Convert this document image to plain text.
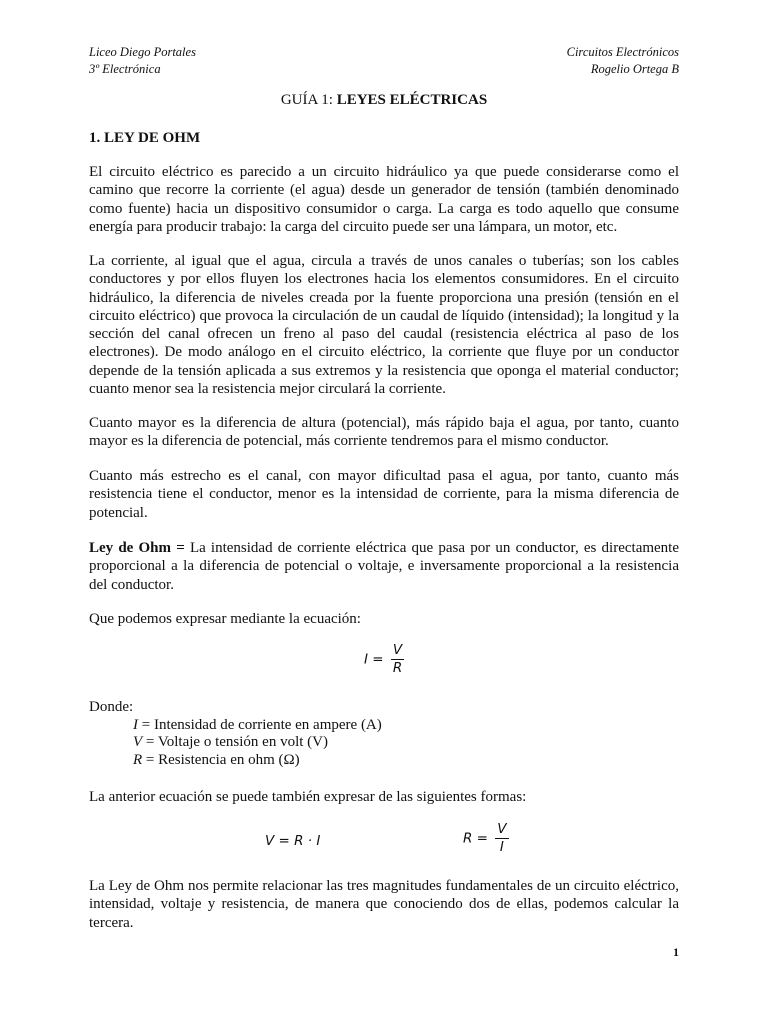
Liceo Diego Portales
3º Electrónica
Circuitos Electrónicos
Rogelio Ortega B
GUÍA 1: LEYES ELÉCTRICAS
1. LEY DE OHM

El circuito eléctrico es parecido a un circuito hidráulico ya que puede considerarse como el camino que recorre la corriente (el agua) desde un generador de tensión (también denominado como fuente) hacia un dispositivo consumidor o carga. La carga es todo aquello que consume energía para producir trabajo: la carga del circuito puede ser una lámpara, un motor, etc.

La corriente, al igual que el agua, circula a través de unos canales o tuberías; son los cables conductores y por ellos fluyen los electrones hacia los elementos consumidores. En el circuito hidráulico, la diferencia de niveles creada por la fuente proporciona una presión (tensión en el circuito eléctrico) que provoca la circulación de un caudal de líquido (intensidad); la longitud y la sección del canal ofrecen un freno al paso del caudal (resistencia eléctrica al paso de los electrones). De modo análogo en el circuito eléctrico, la corriente que fluye por un conductor depende de la tensión aplicada a sus extremos y la resistencia que oponga el material conductor; cuanto menor sea la resistencia mejor circulará la corriente.

Cuanto mayor es la diferencia de altura (potencial), más rápido baja el agua, por tanto, cuanto mayor es la diferencia de potencial, más corriente tendremos para el mismo conductor.

Cuanto más estrecho es el canal, con mayor dificultad pasa el agua, por tanto, cuanto más resistencia tiene el conductor, menor es la intensidad de corriente, para la misma diferencia de potencial.

Ley de Ohm = La intensidad de corriente eléctrica que pasa por un conductor, es directamente proporcional a la diferencia de potencial o voltaje, e inversamente proporcional a la resistencia del conductor.

Que podemos expresar mediante la ecuación:

$I = \frac{V}{R}$
Donde:
I = Intensidad de corriente en ampere (A)
V = Voltaje o tensión en volt (V)
R = Resistencia en ohm (Ω)

La anterior ecuación se puede también expresar de las siguientes formas:

V = R · I	$R = \frac{V}{I}$

La Ley de Ohm nos permite relacionar las tres magnitudes fundamentales de un circuito eléctrico, intensidad, voltaje y resistencia, de manera que conociendo dos de ellas, podemos calcular la tercera.

1
